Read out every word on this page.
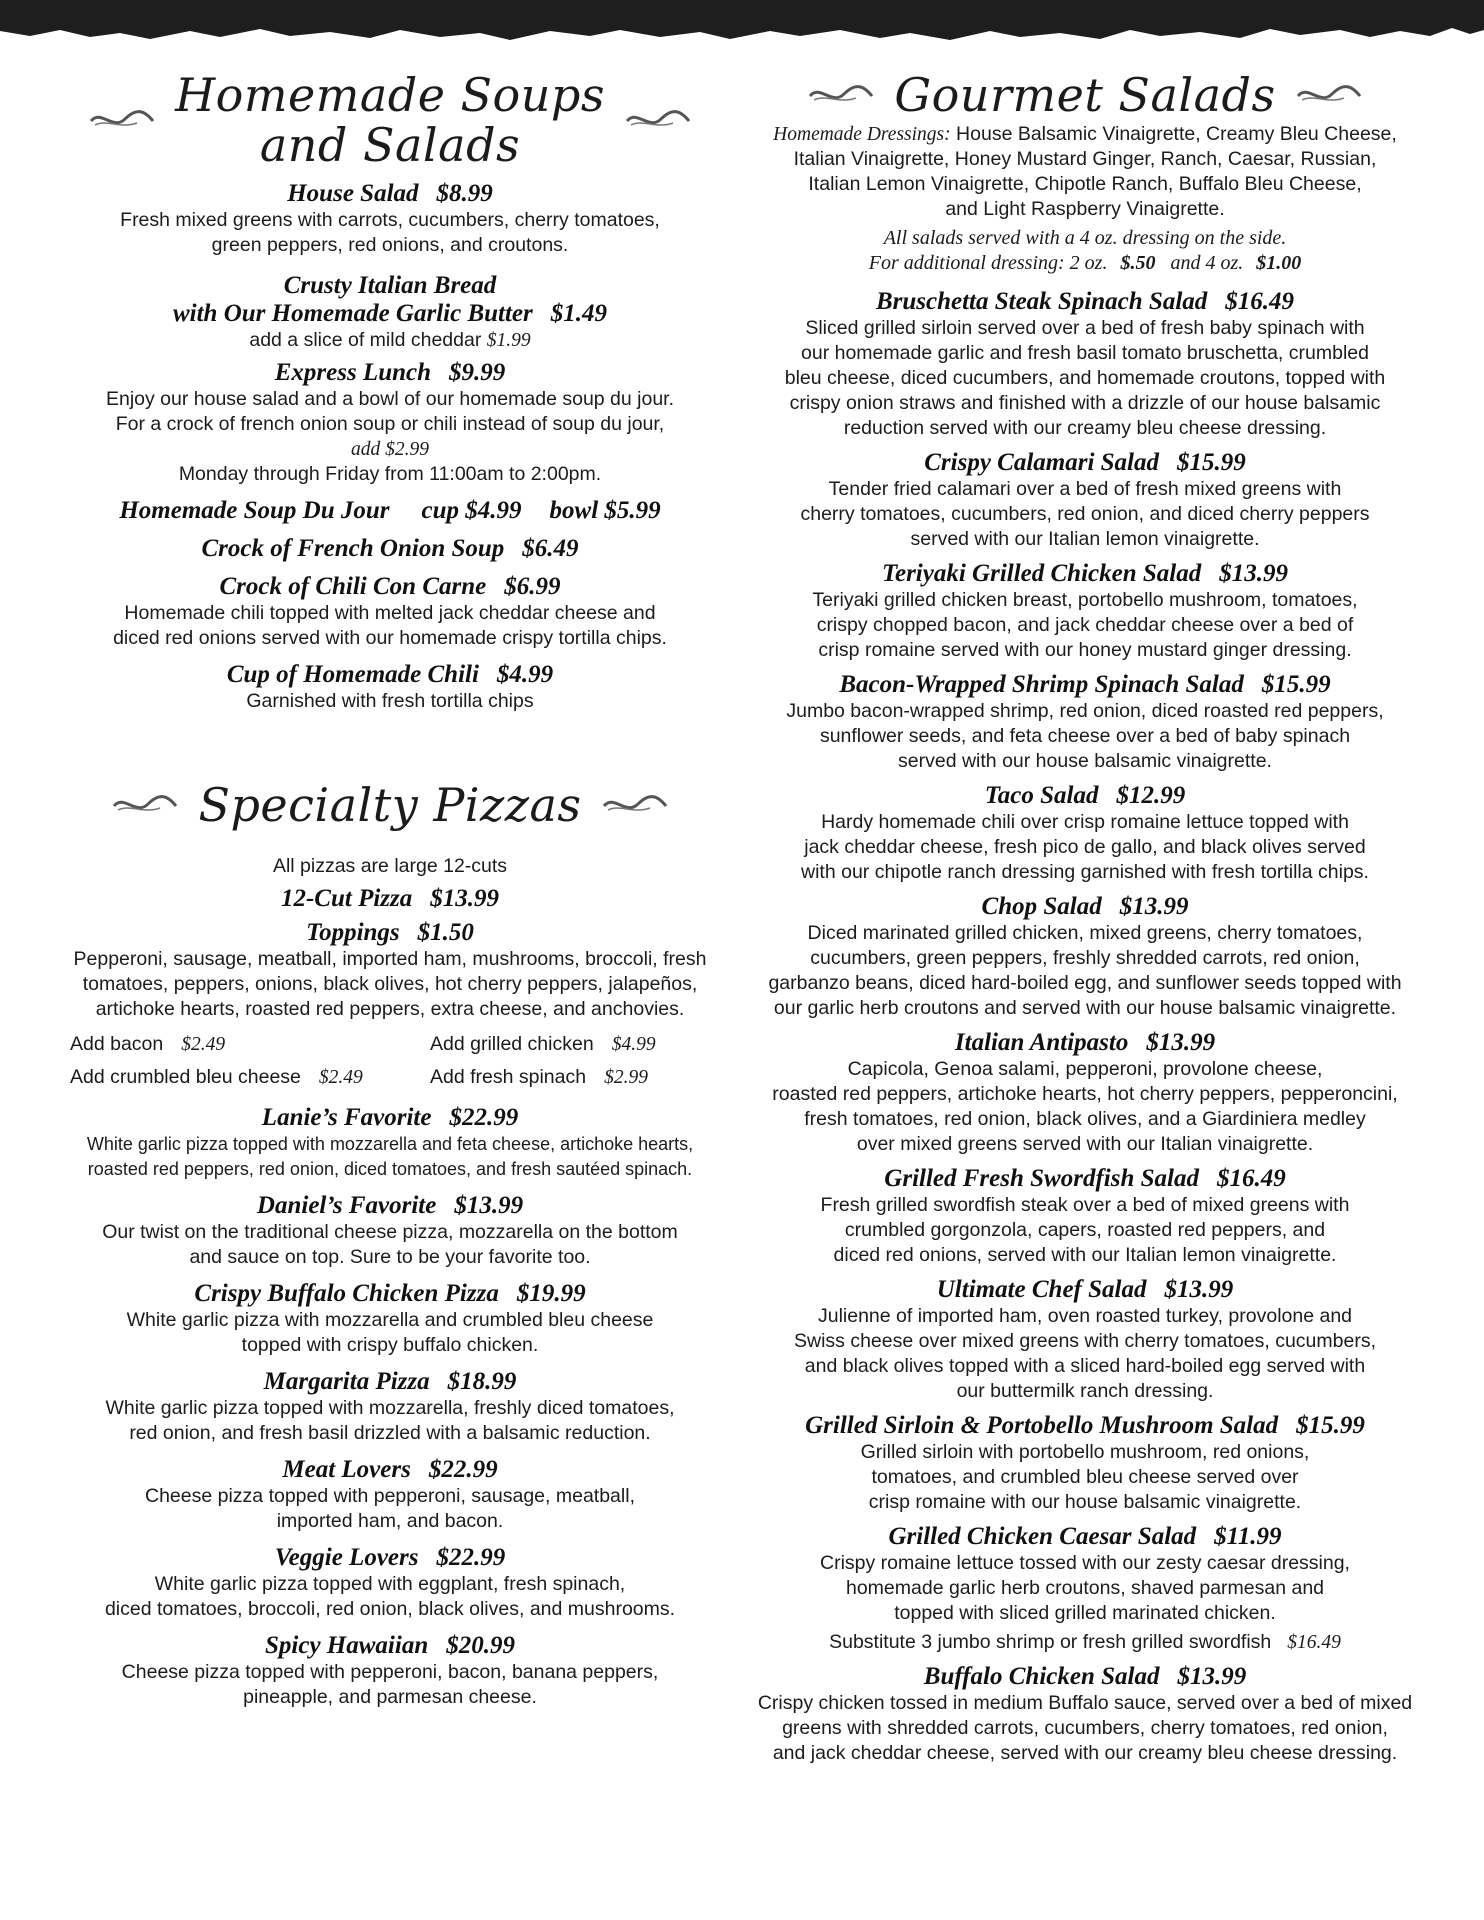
Homemade Soups
and Salads
House Salad $8.99
Fresh mixed greens with carrots, cucumbers, cherry tomatoes,
green peppers, red onions, and croutons.
Crusty Italian Bread
with Our Homemade Garlic Butter $1.49
add a slice of mild cheddar $1.99
Express Lunch $9.99
Enjoy our house salad and a bowl of our homemade soup du jour.
For a crock of french onion soup or chili instead of soup du jour,
add $2.99
Monday through Friday from 11:00am to 2:00pm.
Homemade Soup Du Jour cup $4.99 bowl $5.99
Crock of French Onion Soup $6.49
Crock of Chili Con Carne $6.99
Homemade chili topped with melted jack cheddar cheese and
diced red onions served with our homemade crispy tortilla chips.
Cup of Homemade Chili $4.99
Garnished with fresh tortilla chips
Specialty Pizzas
All pizzas are large 12-cuts
12-Cut Pizza $13.99
Toppings $1.50
Pepperoni, sausage, meatball, imported ham, mushrooms, broccoli, fresh
tomatoes, peppers, onions, black olives, hot cherry peppers, jalapeños,
artichoke hearts, roasted red peppers, extra cheese, and anchovies.
Add bacon $2.49	Add grilled chicken $4.99
Add crumbled bleu cheese $2.49	Add fresh spinach $2.99
Lanie’s Favorite $22.99
White garlic pizza topped with mozzarella and feta cheese, artichoke hearts,
roasted red peppers, red onion, diced tomatoes, and fresh sautéed spinach.
Daniel’s Favorite $13.99
Our twist on the traditional cheese pizza, mozzarella on the bottom
and sauce on top. Sure to be your favorite too.
Crispy Buffalo Chicken Pizza $19.99
White garlic pizza with mozzarella and crumbled bleu cheese
topped with crispy buffalo chicken.
Margarita Pizza $18.99
White garlic pizza topped with mozzarella, freshly diced tomatoes,
red onion, and fresh basil drizzled with a balsamic reduction.
Meat Lovers $22.99
Cheese pizza topped with pepperoni, sausage, meatball,
imported ham, and bacon.
Veggie Lovers $22.99
White garlic pizza topped with eggplant, fresh spinach,
diced tomatoes, broccoli, red onion, black olives, and mushrooms.
Spicy Hawaiian $20.99
Cheese pizza topped with pepperoni, bacon, banana peppers,
pineapple, and parmesan cheese.
Gourmet Salads
Homemade Dressings: House Balsamic Vinaigrette, Creamy Bleu Cheese,
Italian Vinaigrette, Honey Mustard Ginger, Ranch, Caesar, Russian,
Italian Lemon Vinaigrette, Chipotle Ranch, Buffalo Bleu Cheese,
and Light Raspberry Vinaigrette.
All salads served with a 4 oz. dressing on the side.
For additional dressing: 2 oz. $.50 and 4 oz. $1.00
Bruschetta Steak Spinach Salad $16.49
Sliced grilled sirloin served over a bed of fresh baby spinach with
our homemade garlic and fresh basil tomato bruschetta, crumbled
bleu cheese, diced cucumbers, and homemade croutons, topped with
crispy onion straws and finished with a drizzle of our house balsamic
reduction served with our creamy bleu cheese dressing.
Crispy Calamari Salad $15.99
Tender fried calamari over a bed of fresh mixed greens with
cherry tomatoes, cucumbers, red onion, and diced cherry peppers
served with our Italian lemon vinaigrette.
Teriyaki Grilled Chicken Salad $13.99
Teriyaki grilled chicken breast, portobello mushroom, tomatoes,
crispy chopped bacon, and jack cheddar cheese over a bed of
crisp romaine served with our honey mustard ginger dressing.
Bacon-Wrapped Shrimp Spinach Salad $15.99
Jumbo bacon-wrapped shrimp, red onion, diced roasted red peppers,
sunflower seeds, and feta cheese over a bed of baby spinach
served with our house balsamic vinaigrette.
Taco Salad $12.99
Hardy homemade chili over crisp romaine lettuce topped with
jack cheddar cheese, fresh pico de gallo, and black olives served
with our chipotle ranch dressing garnished with fresh tortilla chips.
Chop Salad $13.99
Diced marinated grilled chicken, mixed greens, cherry tomatoes,
cucumbers, green peppers, freshly shredded carrots, red onion,
garbanzo beans, diced hard-boiled egg, and sunflower seeds topped with
our garlic herb croutons and served with our house balsamic vinaigrette.
Italian Antipasto $13.99
Capicola, Genoa salami, pepperoni, provolone cheese,
roasted red peppers, artichoke hearts, hot cherry peppers, pepperoncini,
fresh tomatoes, red onion, black olives, and a Giardiniera medley
over mixed greens served with our Italian vinaigrette.
Grilled Fresh Swordfish Salad $16.49
Fresh grilled swordfish steak over a bed of mixed greens with
crumbled gorgonzola, capers, roasted red peppers, and
diced red onions, served with our Italian lemon vinaigrette.
Ultimate Chef Salad $13.99
Julienne of imported ham, oven roasted turkey, provolone and
Swiss cheese over mixed greens with cherry tomatoes, cucumbers,
and black olives topped with a sliced hard-boiled egg served with
our buttermilk ranch dressing.
Grilled Sirloin & Portobello Mushroom Salad $15.99
Grilled sirloin with portobello mushroom, red onions,
tomatoes, and crumbled bleu cheese served over
crisp romaine with our house balsamic vinaigrette.
Grilled Chicken Caesar Salad $11.99
Crispy romaine lettuce tossed with our zesty caesar dressing,
homemade garlic herb croutons, shaved parmesan and
topped with sliced grilled marinated chicken.
Substitute 3 jumbo shrimp or fresh grilled swordfish $16.49
Buffalo Chicken Salad $13.99
Crispy chicken tossed in medium Buffalo sauce, served over a bed of mixed
greens with shredded carrots, cucumbers, cherry tomatoes, red onion,
and jack cheddar cheese, served with our creamy bleu cheese dressing.
